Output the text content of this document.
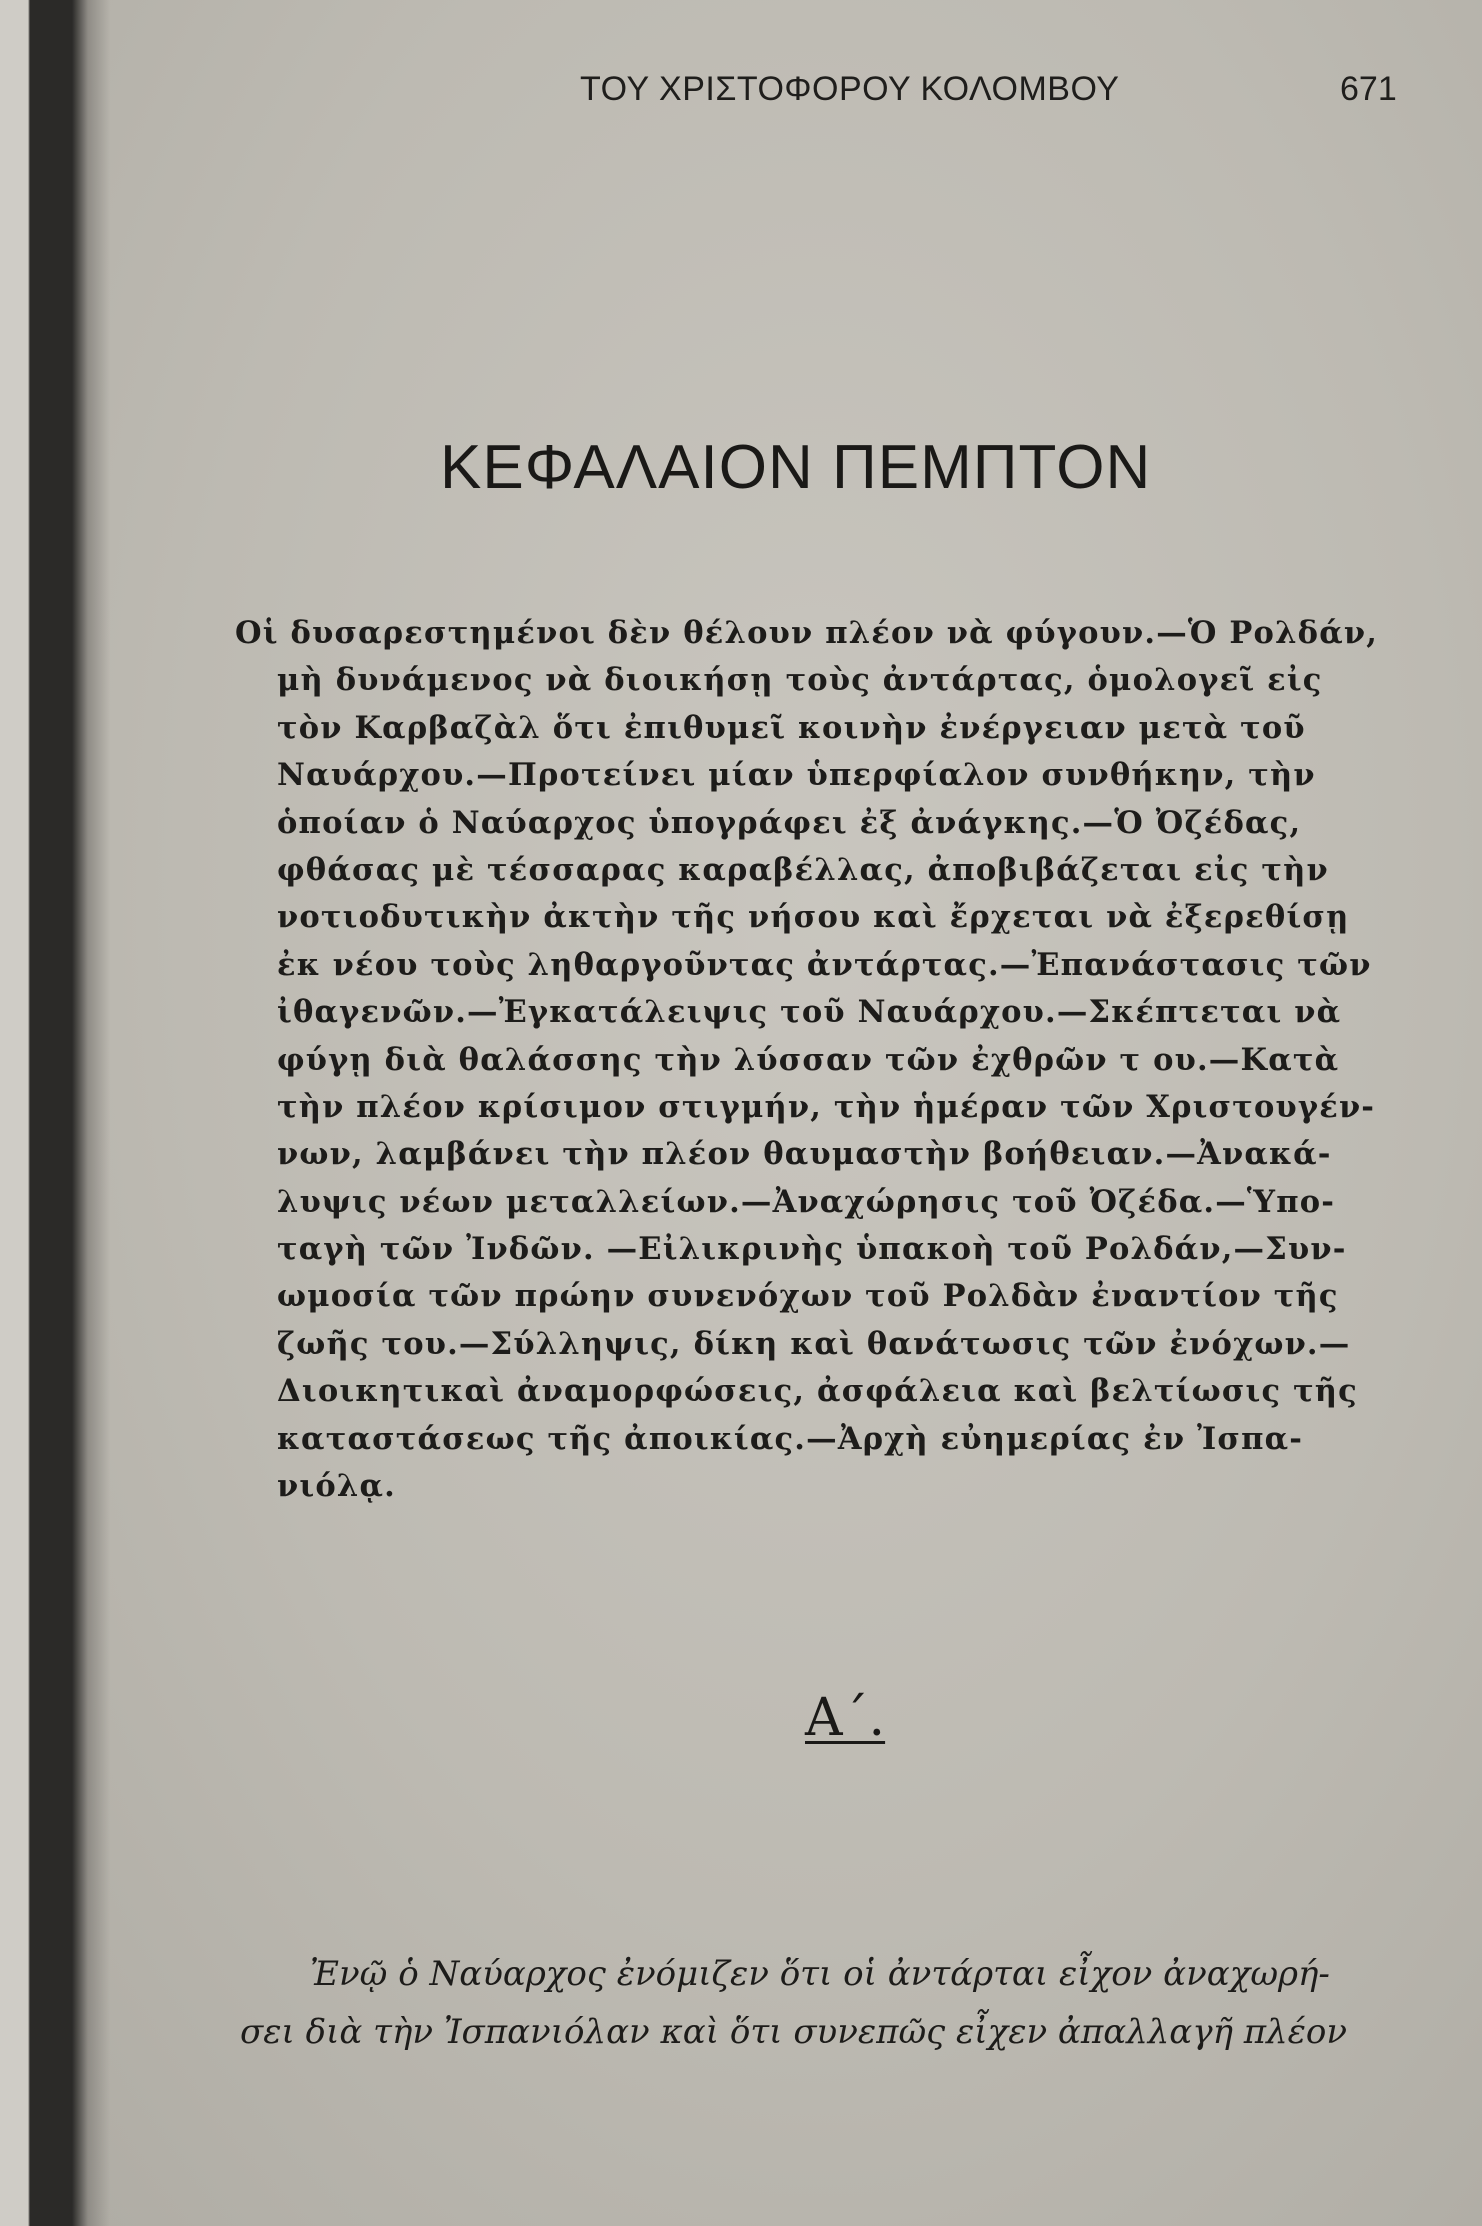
ΤΟΥ ΧΡΙΣΤΟΦΟΡΟΥ ΚΟΛΟΜΒΟΥ	671
ΚΕΦΑΛΑΙΟΝ ΠΕΜΠΤΟΝ
Οἱ δυσαρεστημένοι δὲν θέλουν πλέον νὰ φύγουν.—Ὁ Ρολδάν,
μὴ δυνάμενος νὰ διοικήσῃ τοὺς ἀντάρτας, ὁμολογεῖ εἰς
τὸν Καρβαζὰλ ὅτι ἐπιθυμεῖ κοινὴν ἐνέργειαν μετὰ τοῦ
Ναυάρχου.—Προτείνει μίαν ὑπερφίαλον συνθήκην, τὴν
ὁποίαν ὁ Ναύαρχος ὑπογράφει ἐξ ἀνάγκης.—Ὁ Ὀζέδας,
φθάσας μὲ τέσσαρας καραβέλλας, ἀποβιβάζεται εἰς τὴν
νοτιοδυτικὴν ἀκτὴν τῆς νήσου καὶ ἔρχεται νὰ ἐξερεθίσῃ
ἐκ νέου τοὺς ληθαργοῦντας ἀντάρτας.—Ἐπανάστασις τῶν
ἰθαγενῶν.—Ἐγκατάλειψις τοῦ Ναυάρχου.—Σκέπτεται νὰ
φύγῃ διὰ θαλάσσης τὴν λύσσαν τῶν ἐχθρῶν τ ου.—Κατὰ
τὴν πλέον κρίσιμον στιγμήν, τὴν ἡμέραν τῶν Χριστουγέν-
νων, λαμβάνει τὴν πλέον θαυμαστὴν βοήθειαν.—Ἀνακά-
λυψις νέων μεταλλείων.—Ἀναχώρησις τοῦ Ὀζέδα.—Ὑπο-
ταγὴ τῶν Ἰνδῶν. —Εἰλικρινὴς ὑπακοὴ τοῦ Ρολδάν,—Συν-
ωμοσία τῶν πρώην συνενόχων τοῦ Ρολδὰν ἐναντίον τῆς
ζωῆς του.—Σύλληψις, δίκη καὶ θανάτωσις τῶν ἐνόχων.—
Διοικητικαὶ ἀναμορφώσεις, ἀσφάλεια καὶ βελτίωσις τῆς
καταστάσεως τῆς ἀποικίας.—Ἀρχὴ εὐημερίας ἐν Ἰσπα-
νιόλᾳ.
Α΄.
Ἐνῷ ὁ Ναύαρχος ἐνόμιζεν ὅτι οἱ ἀντάρται εἶχον ἀναχωρή-
σει διὰ τὴν Ἰσπανιόλαν καὶ ὅτι συνεπῶς εἶχεν ἀπαλλαγῆ πλέον
